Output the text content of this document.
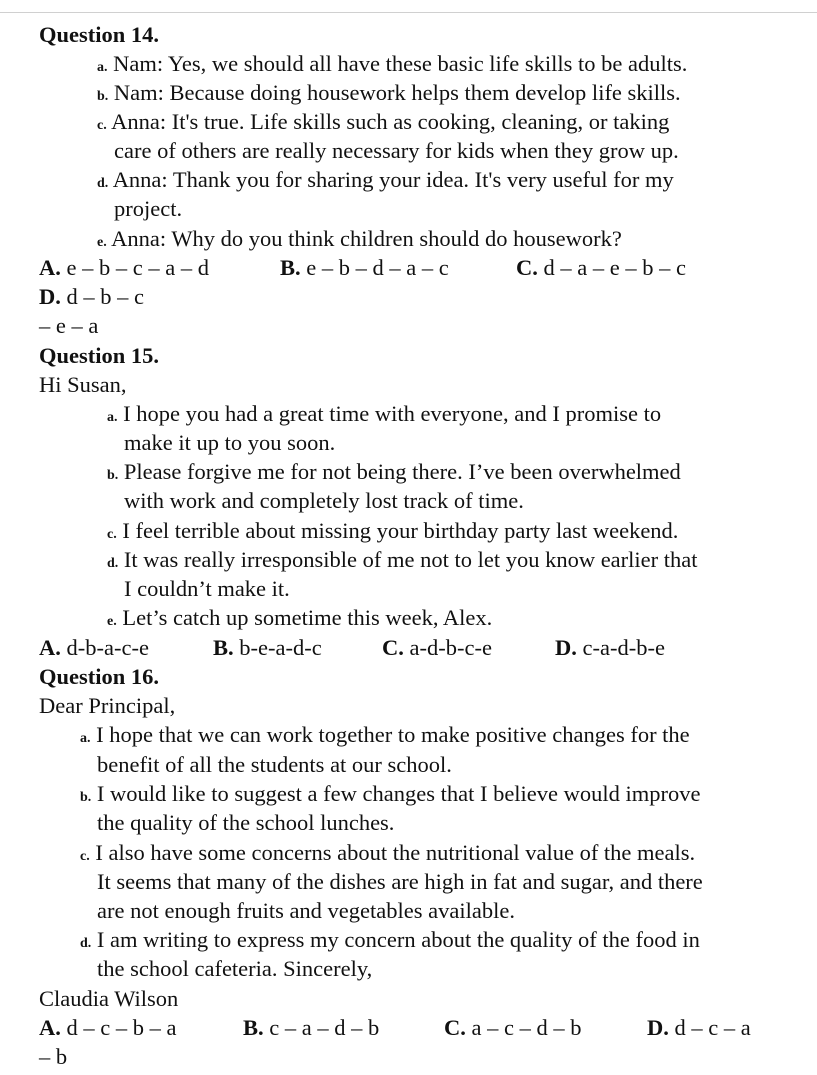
Question 14.
a. Nam: Yes, we should all have these basic life skills to be adults.
b. Nam: Because doing housework helps them develop life skills.
c. Anna: It's true. Life skills such as cooking, cleaning, or taking
care of others are really necessary for kids when they grow up.
d. Anna: Thank you for sharing your idea. It's very useful for my
project.
e. Anna: Why do you think children should do housework?
A. e – b – c – a – d	B. e – b – d – a – c	C. d – a – e – b – c
D. d – b – c
– e – a
Question 15.
Hi Susan,
a. I hope you had a great time with everyone, and I promise to
make it up to you soon.
b. Please forgive me for not being there. I’ve been overwhelmed
with work and completely lost track of time.
c. I feel terrible about missing your birthday party last weekend.
d. It was really irresponsible of me not to let you know earlier that
I couldn’t make it.
e. Let’s catch up sometime this week, Alex.
A. d-b-a-c-e	B. b-e-a-d-c	C. a-d-b-c-e	D. c-a-d-b-e
Question 16.
Dear Principal,
a. I hope that we can work together to make positive changes for the
benefit of all the students at our school.
b. I would like to suggest a few changes that I believe would improve
the quality of the school lunches.
c. I also have some concerns about the nutritional value of the meals.
It seems that many of the dishes are high in fat and sugar, and there
are not enough fruits and vegetables available.
d. I am writing to express my concern about the quality of the food in
the school cafeteria. Sincerely,
Claudia Wilson
A. d – c – b – a	B. c – a – d – b	C. a – c – d – b	D. d – c – a
– b
